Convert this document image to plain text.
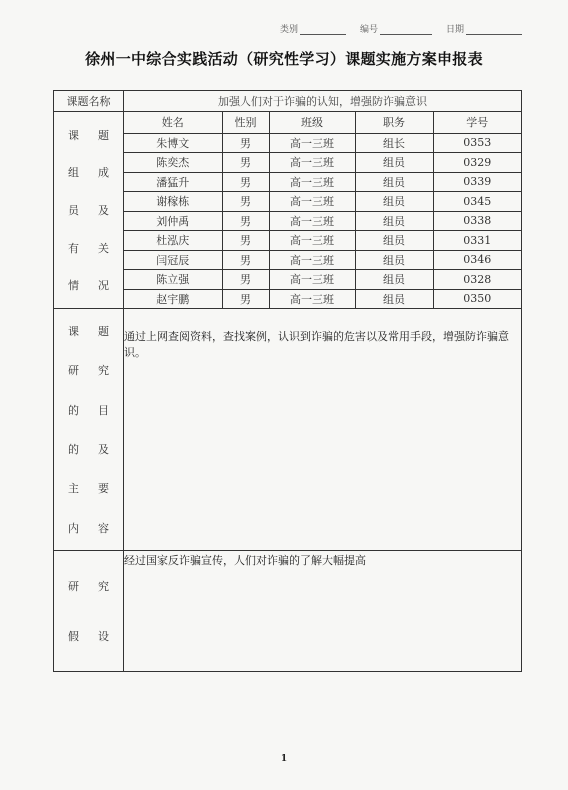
类别	编号	日期
徐州一中综合实践活动（研究性学习）课题实施方案申报表
课题名称	加强人们对于诈骗的认知，增强防诈骗意识

课 题
组 成
员 及
有 关
情 况

姓名	性别	班级	职务	学号
朱博文	男	高一三班	组长	0353
陈奕杰	男	高一三班	组员	0329
潘猛升	男	高一三班	组员	0339
谢稼栋	男	高一三班	组员	0345
刘仲禹	男	高一三班	组员	0338
杜泓庆	男	高一三班	组员	0331
闫冠辰	男	高一三班	组员	0346
陈立强	男	高一三班	组员	0328
赵宇鹏	男	高一三班	组员	0350

课 题
研 究
的 目
的 及
主 要
内 容

通过上网查阅资料，查找案例，认识到诈骗的危害以及常用手段，增强防诈骗意识。

研 究
假 设

经过国家反诈骗宣传，人们对诈骗的了解大幅提高
1
